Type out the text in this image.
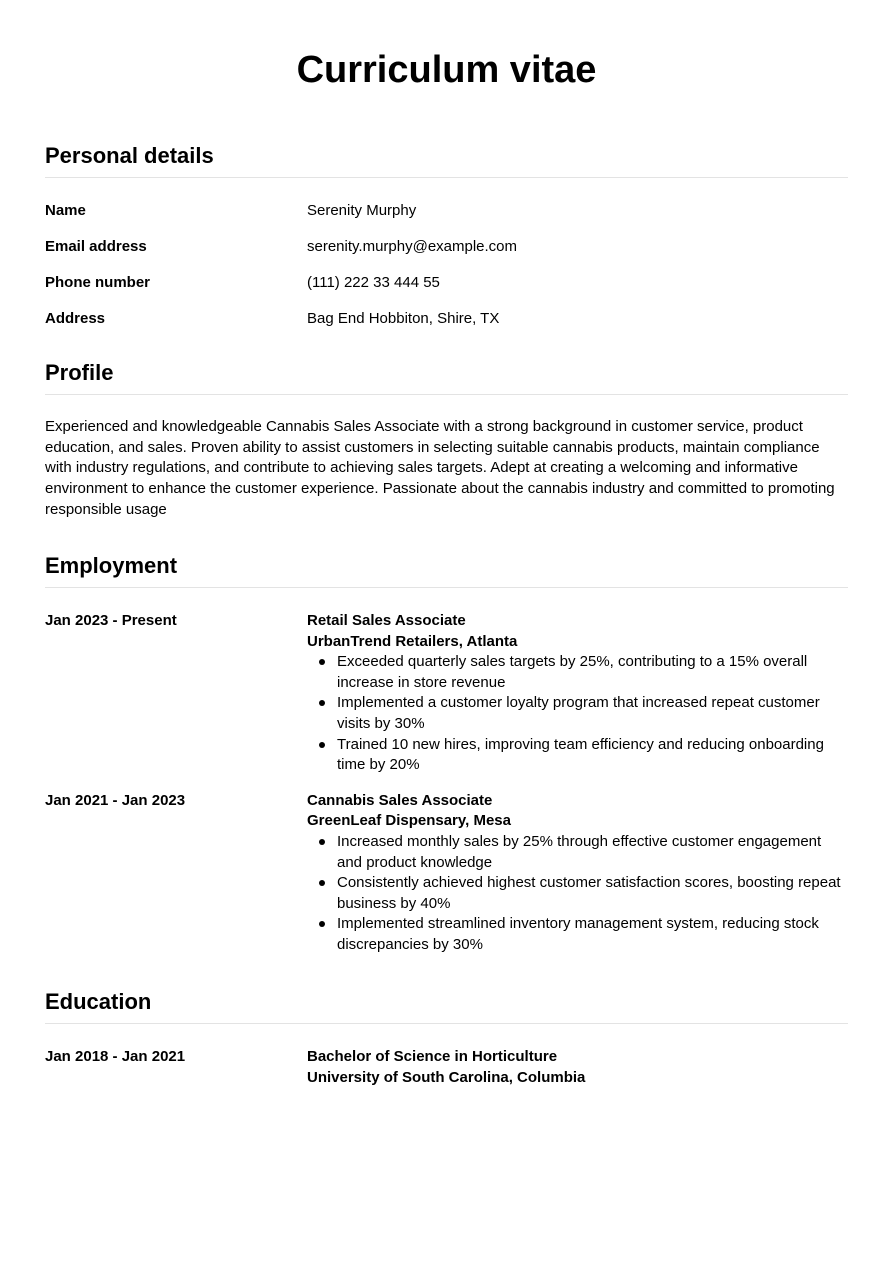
Curriculum vitae
Personal details
Name	Serenity Murphy
Email address	serenity.murphy@example.com
Phone number	(111) 222 33 444 55
Address	Bag End Hobbiton, Shire, TX
Profile

Experienced and knowledgeable Cannabis Sales Associate with a strong background in customer service, product education, and sales. Proven ability to assist customers in selecting suitable cannabis products, maintain compliance with industry regulations, and contribute to achieving sales targets. Adept at creating a welcoming and informative environment to enhance the customer experience. Passionate about the cannabis industry and committed to promoting responsible usage

Employment
Jan 2023 - Present	Retail Sales Associate
UrbanTrend Retailers, Atlanta
Exceeded quarterly sales targets by 25%, contributing to a 15% overall increase in store revenue
Implemented a customer loyalty program that increased repeat customer visits by 30%
Trained 10 new hires, improving team efficiency and reducing onboarding time by 20%
Jan 2021 - Jan 2023	Cannabis Sales Associate
GreenLeaf Dispensary, Mesa
Increased monthly sales by 25% through effective customer engagement and product knowledge
Consistently achieved highest customer satisfaction scores, boosting repeat business by 40%
Implemented streamlined inventory management system, reducing stock discrepancies by 30%
Education
Jan 2018 - Jan 2021	Bachelor of Science in Horticulture
University of South Carolina, Columbia
